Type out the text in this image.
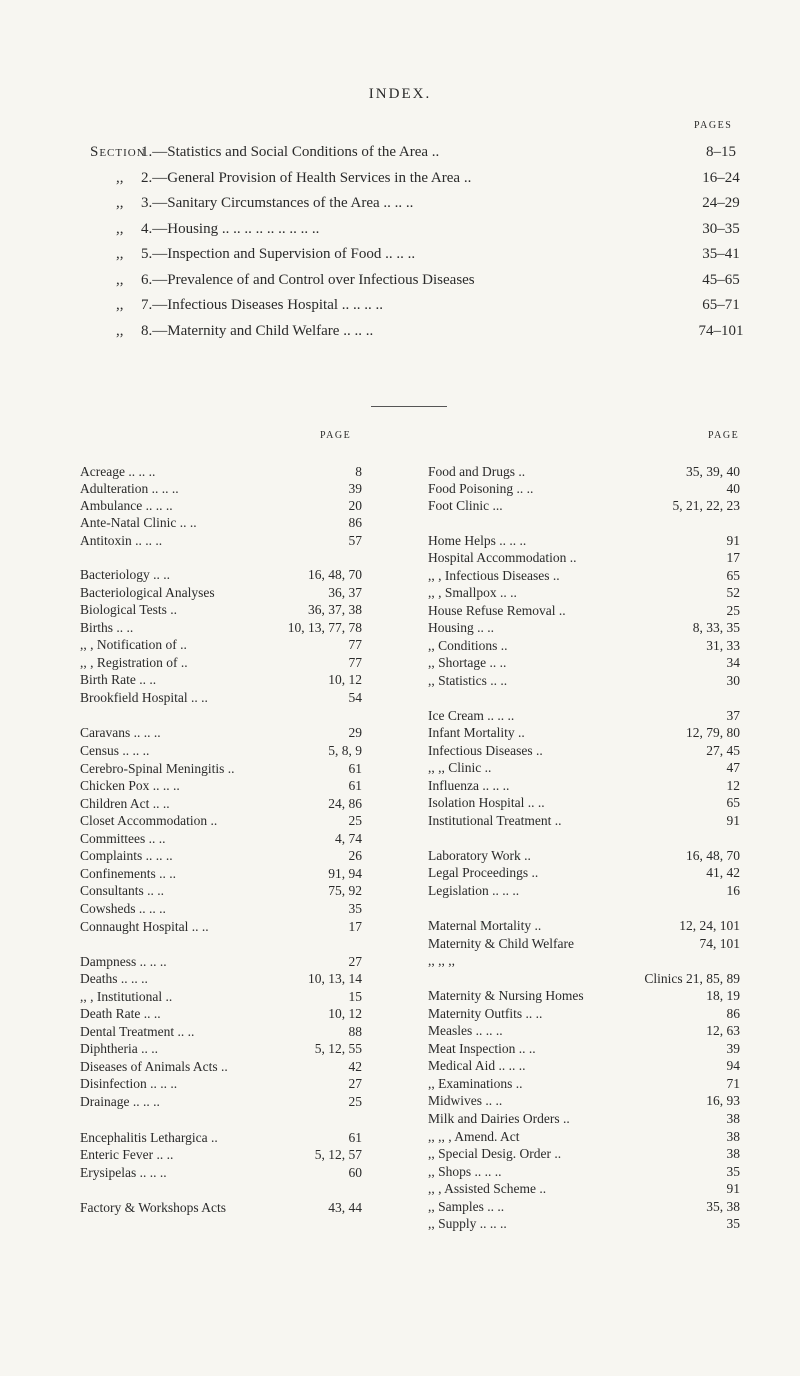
INDEX.
PAGES
Section
1.—Statistics and Social Conditions of the Area ..	8–15
,, 2.—General Provision of Health Services in the Area ..	16–24
,, 3.—Sanitary Circumstances of the Area .. .. ..	24–29
,, 4.—Housing .. .. .. .. .. .. .. .. ..	30–35
,, 5.—Inspection and Supervision of Food .. .. ..	35–41
,, 6.—Prevalence of and Control over Infectious Diseases	45–65
,, 7.—Infectious Diseases Hospital .. .. .. ..	65–71
,, 8.—Maternity and Child Welfare .. .. ..	74–101
PAGE	PAGE
Acreage .. .. ..	8
Adulteration .. .. ..	39
Ambulance .. .. ..	20
Ante-Natal Clinic .. ..	86
Antitoxin .. .. ..	57
Bacteriology .. ..	16, 48, 70
Bacteriological Analyses	36, 37
Biological Tests ..	36, 37, 38
Births .. ..	10, 13, 77, 78
,, , Notification of ..	77
,, , Registration of ..	77
Birth Rate .. ..	10, 12
Brookfield Hospital .. ..	54
Caravans .. .. ..	29
Census .. .. ..	5, 8, 9
Cerebro-Spinal Meningitis ..	61
Chicken Pox .. .. ..	61
Children Act .. ..	24, 86
Closet Accommodation ..	25
Committees .. ..	4, 74
Complaints .. .. ..	26
Confinements .. ..	91, 94
Consultants .. ..	75, 92
Cowsheds .. .. ..	35
Connaught Hospital .. ..	17
Dampness .. .. ..	27
Deaths .. .. ..	10, 13, 14
,, , Institutional ..	15
Death Rate .. ..	10, 12
Dental Treatment .. ..	88
Diphtheria .. ..	5, 12, 55
Diseases of Animals Acts ..	42
Disinfection .. .. ..	27
Drainage .. .. ..	25
Encephalitis Lethargica ..	61
Enteric Fever .. ..	5, 12, 57
Erysipelas .. .. ..	60
Factory & Workshops Acts	43, 44
Food and Drugs ..	35, 39, 40
Food Poisoning .. ..	40
Foot Clinic ...	5, 21, 22, 23
Home Helps .. .. ..	91
Hospital Accommodation ..	17
,, , Infectious Diseases ..	65
,, , Smallpox .. ..	52
House Refuse Removal ..	25
Housing .. ..	8, 33, 35
,, Conditions ..	31, 33
,, Shortage .. ..	34
,, Statistics .. ..	30
Ice Cream .. .. ..	37
Infant Mortality ..	12, 79, 80
Infectious Diseases ..	27, 45
,, ,, Clinic ..	47
Influenza .. .. ..	12
Isolation Hospital .. ..	65
Institutional Treatment ..	91
Laboratory Work ..	16, 48, 70
Legal Proceedings ..	41, 42
Legislation .. .. ..	16
Maternal Mortality ..	12, 24, 101
Maternity & Child Welfare	74, 101
,, ,, ,,
Clinics 21, 85, 89
Maternity & Nursing Homes	18, 19
Maternity Outfits .. ..	86
Measles .. .. ..	12, 63
Meat Inspection .. ..	39
Medical Aid .. .. ..	94
,, Examinations ..	71
Midwives .. ..	16, 93
Milk and Dairies Orders ..	38
,, ,, , Amend. Act	38
,, Special Desig. Order ..	38
,, Shops .. .. ..	35
,, , Assisted Scheme ..	91
,, Samples .. ..	35, 38
,, Supply .. .. ..	35
